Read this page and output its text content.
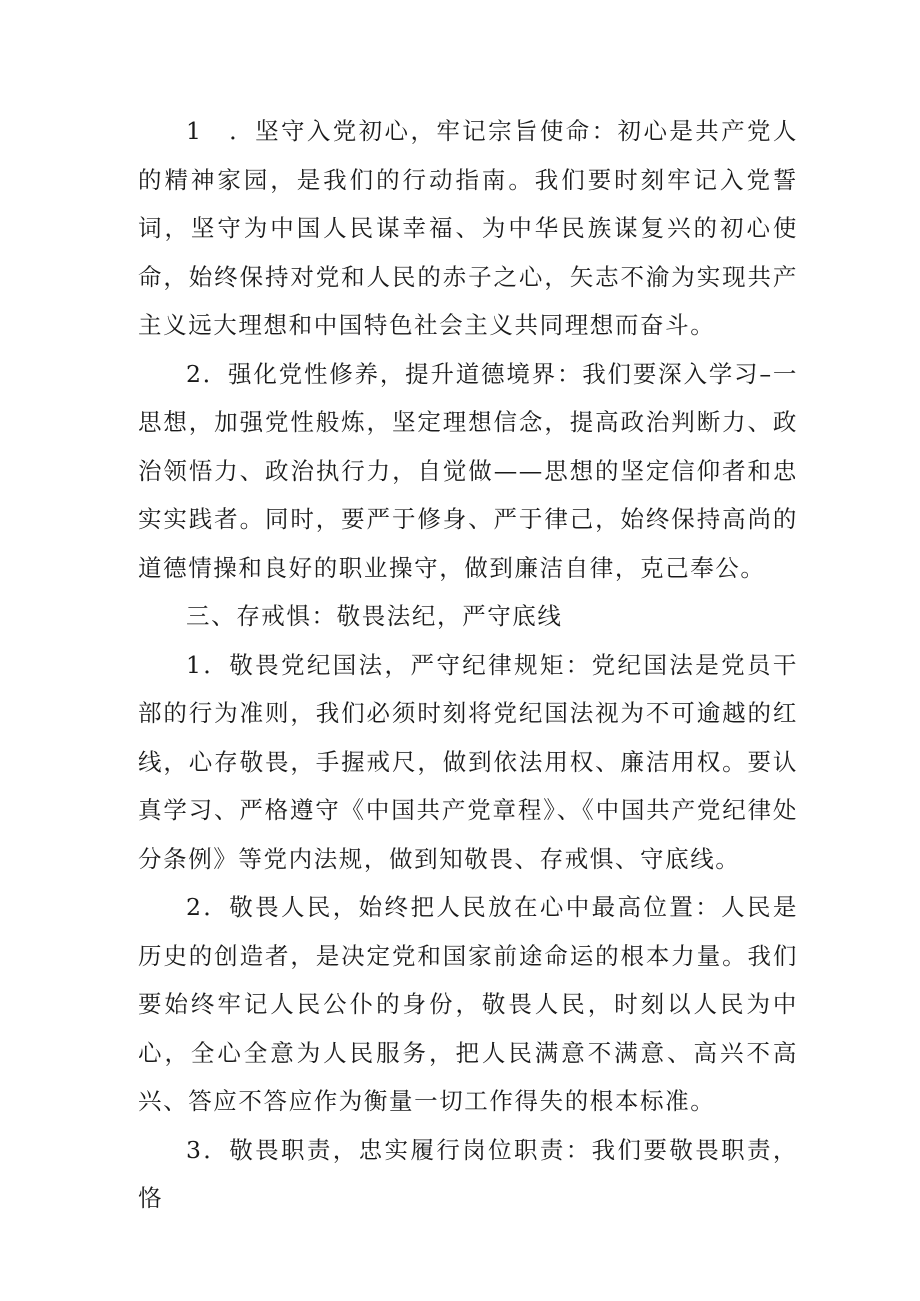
1　．坚守入党初心，牢记宗旨使命：初心是共产党人的精神家园，是我们的行动指南。我们要时刻牢记入党誓词，坚守为中国人民谋幸福、为中华民族谋复兴的初心使命，始终保持对党和人民的赤子之心，矢志不渝为实现共产主义远大理想和中国特色社会主义共同理想而奋斗。

2．强化党性修养，提升道德境界：我们要深入学习–一思想，加强党性般炼，坚定理想信念，提高政治判断力、政治领悟力、政治执行力，自觉做——思想的坚定信仰者和忠实实践者。同时，要严于修身、严于律己，始终保持高尚的道德情操和良好的职业操守，做到廉洁自律，克己奉公。

三、存戒惧：敬畏法纪，严守底线

1．敬畏党纪国法，严守纪律规矩：党纪国法是党员干部的行为准则，我们必须时刻将党纪国法视为不可逾越的红线，心存敬畏，手握戒尺，做到依法用权、廉洁用权。要认真学习、严格遵守《中国共产党章程》、《中国共产党纪律处分条例》等党内法规，做到知敬畏、存戒惧、守底线。

2．敬畏人民，始终把人民放在心中最高位置：人民是历史的创造者，是决定党和国家前途命运的根本力量。我们要始终牢记人民公仆的身份，敬畏人民，时刻以人民为中心，全心全意为人民服务，把人民满意不满意、高兴不高兴、答应不答应作为衡量一切工作得失的根本标准。

3．敬畏职责，忠实履行岗位职责：我们要敬畏职责，恪
